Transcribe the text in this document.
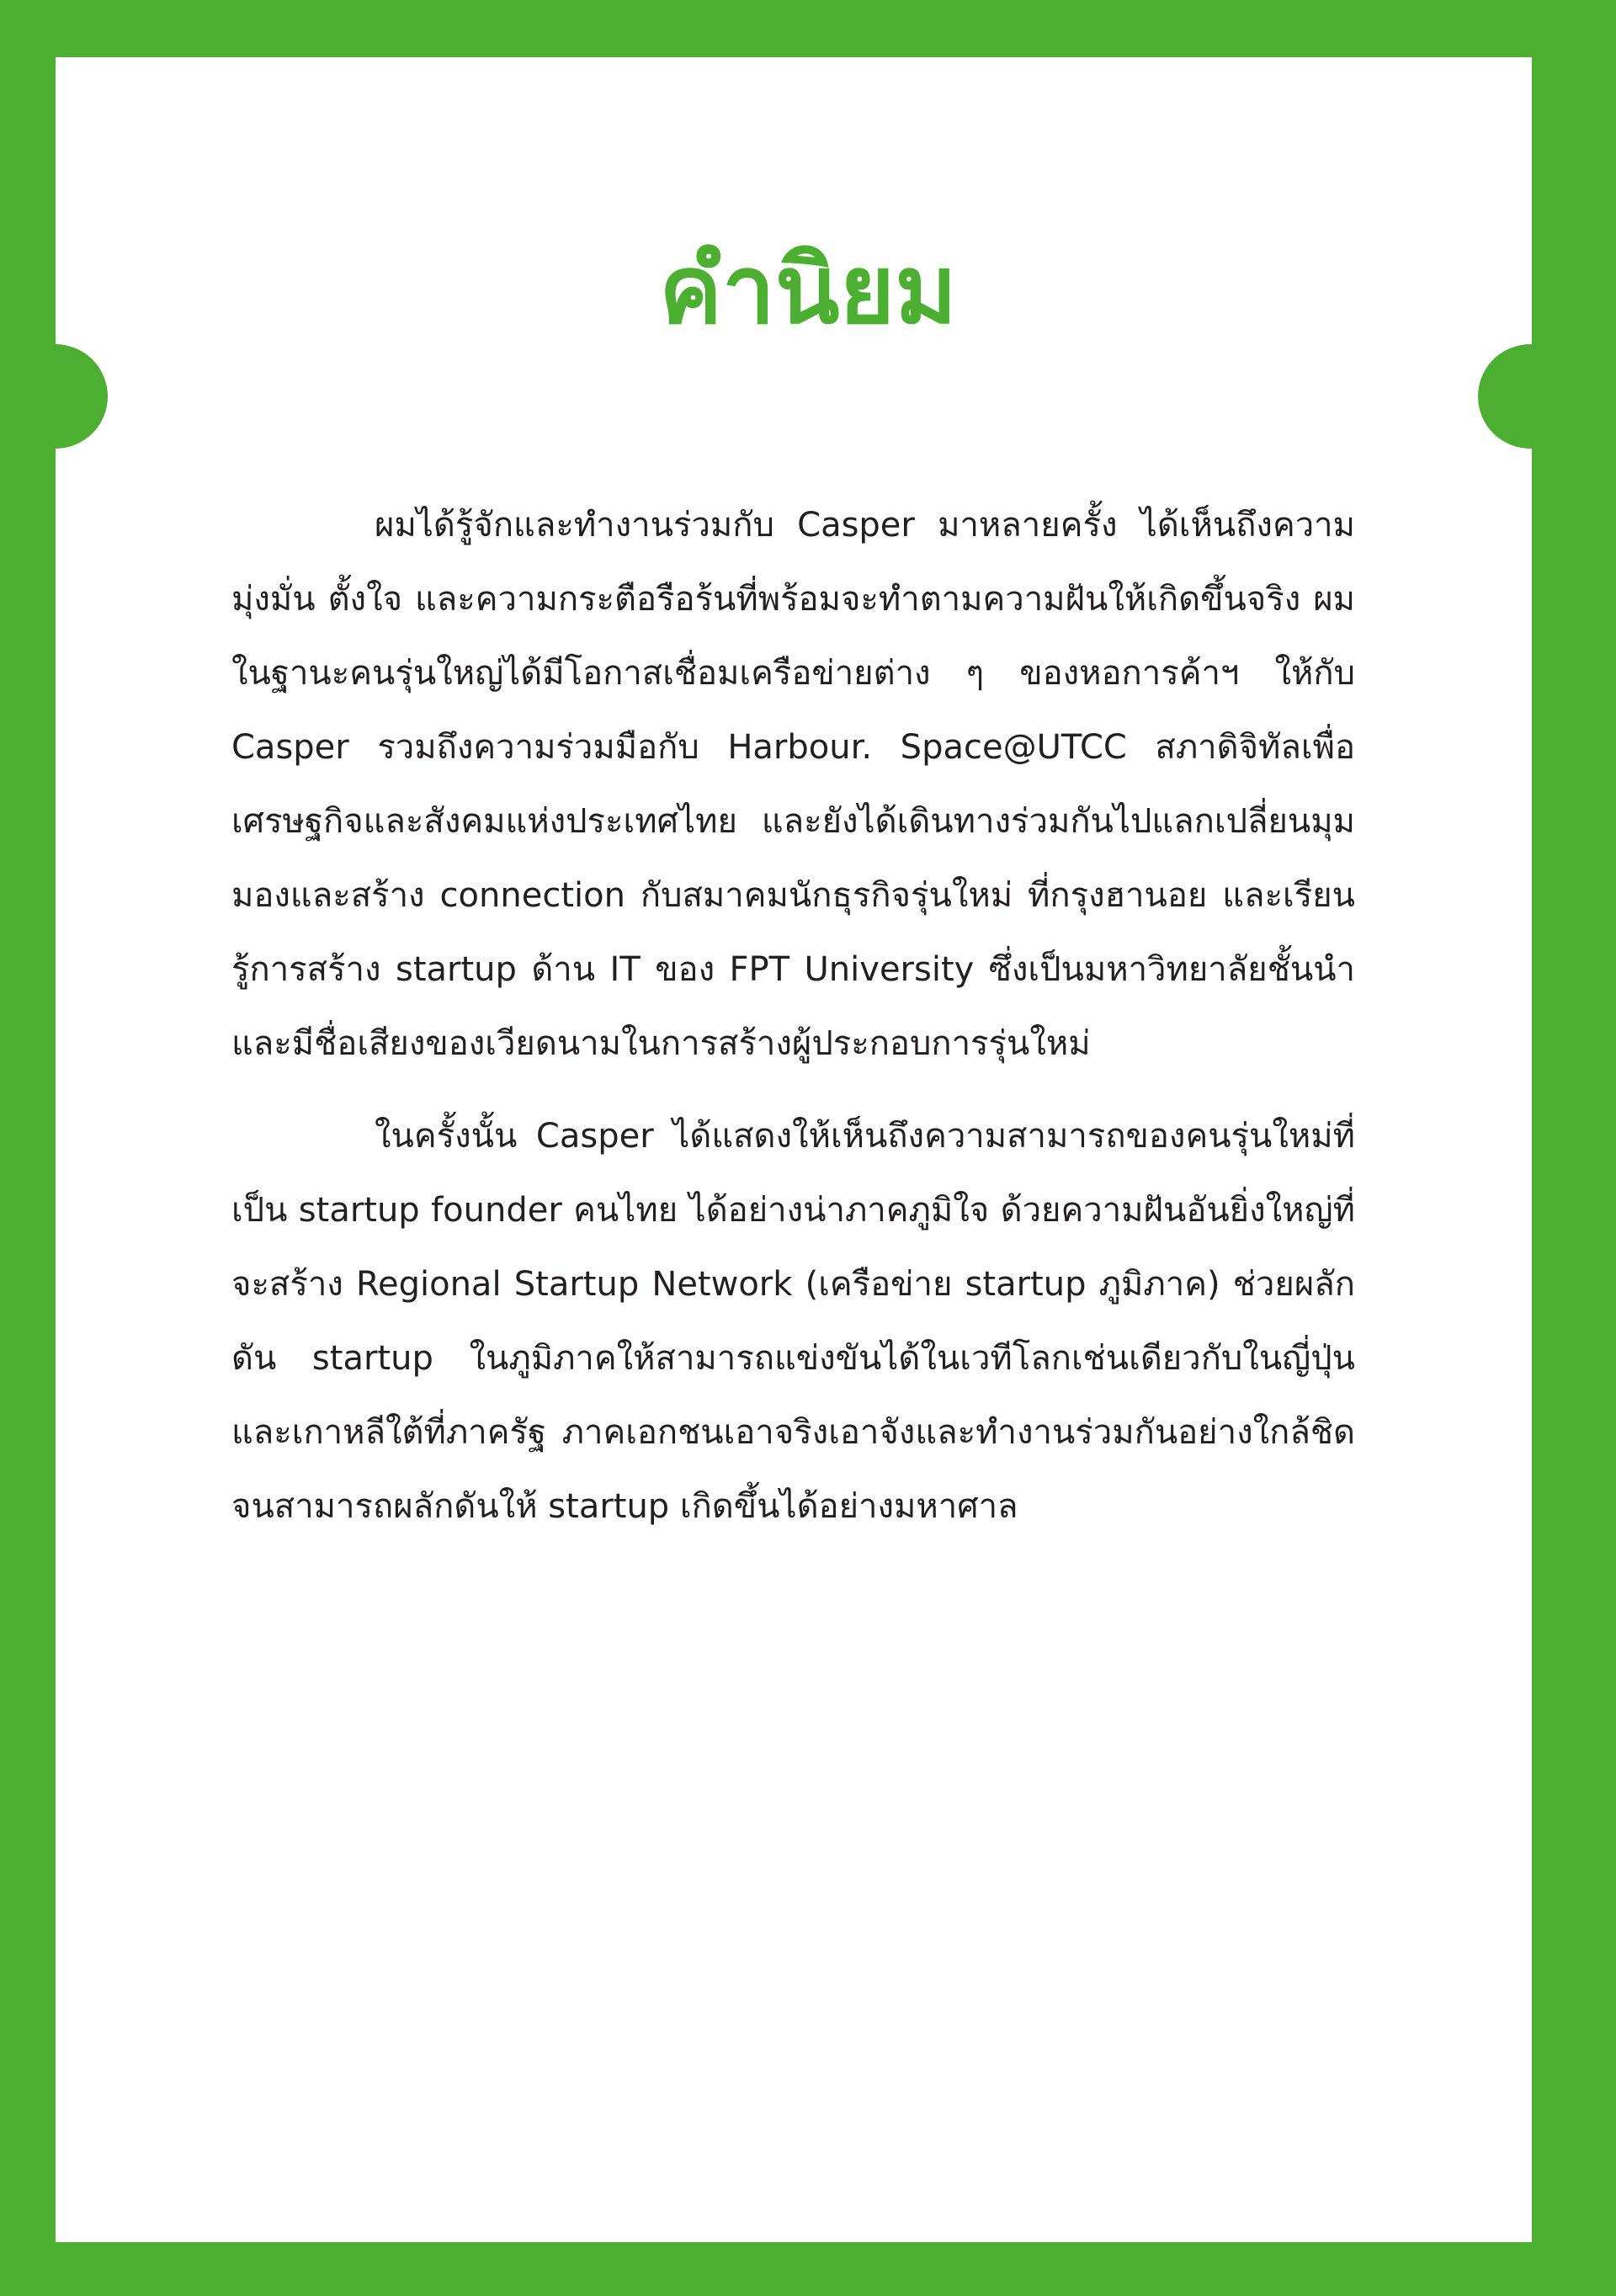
คำนิยม

ผมได้รู้จักและทำงานร่วมกับ Casper มาหลายครั้ง ได้เห็นถึงความมุ่งมั่น ตั้งใจ และความกระตือรือร้นที่พร้อมจะทำตามความฝันให้เกิดขึ้นจริง ผมในฐานะคนรุ่นใหญ่ได้มีโอกาสเชื่อมเครือข่ายต่าง ๆ ของหอการค้าฯ ให้กับ Casper รวมถึงความร่วมมือกับ Harbour. Space@UTCC สภาดิจิทัลเพื่อเศรษฐกิจและสังคมแห่งประเทศไทย และยังได้เดินทางร่วมกันไปแลกเปลี่ยนมุมมองและสร้าง connection กับสมาคมนักธุรกิจรุ่นใหม่ ที่กรุงฮานอย และเรียนรู้การสร้าง startup ด้าน IT ของ FPT University ซึ่งเป็นมหาวิทยาลัยชั้นนำและมีชื่อเสียงของเวียดนามในการสร้างผู้ประกอบการรุ่นใหม่

ในครั้งนั้น Casper ได้แสดงให้เห็นถึงความสามารถของคนรุ่นใหม่ที่เป็น startup founder คนไทย ได้อย่างน่าภาคภูมิใจ ด้วยความฝันอันยิ่งใหญ่ที่จะสร้าง Regional Startup Network (เครือข่าย startup ภูมิภาค) ช่วยผลักดัน startup ในภูมิภาคให้สามารถแข่งขันได้ในเวทีโลกเช่นเดียวกับในญี่ปุ่นและเกาหลีใต้ที่ภาครัฐ ภาคเอกชนเอาจริงเอาจังและทำงานร่วมกันอย่างใกล้ชิดจนสามารถผลักดันให้ startup เกิดขึ้นได้อย่างมหาศาล
